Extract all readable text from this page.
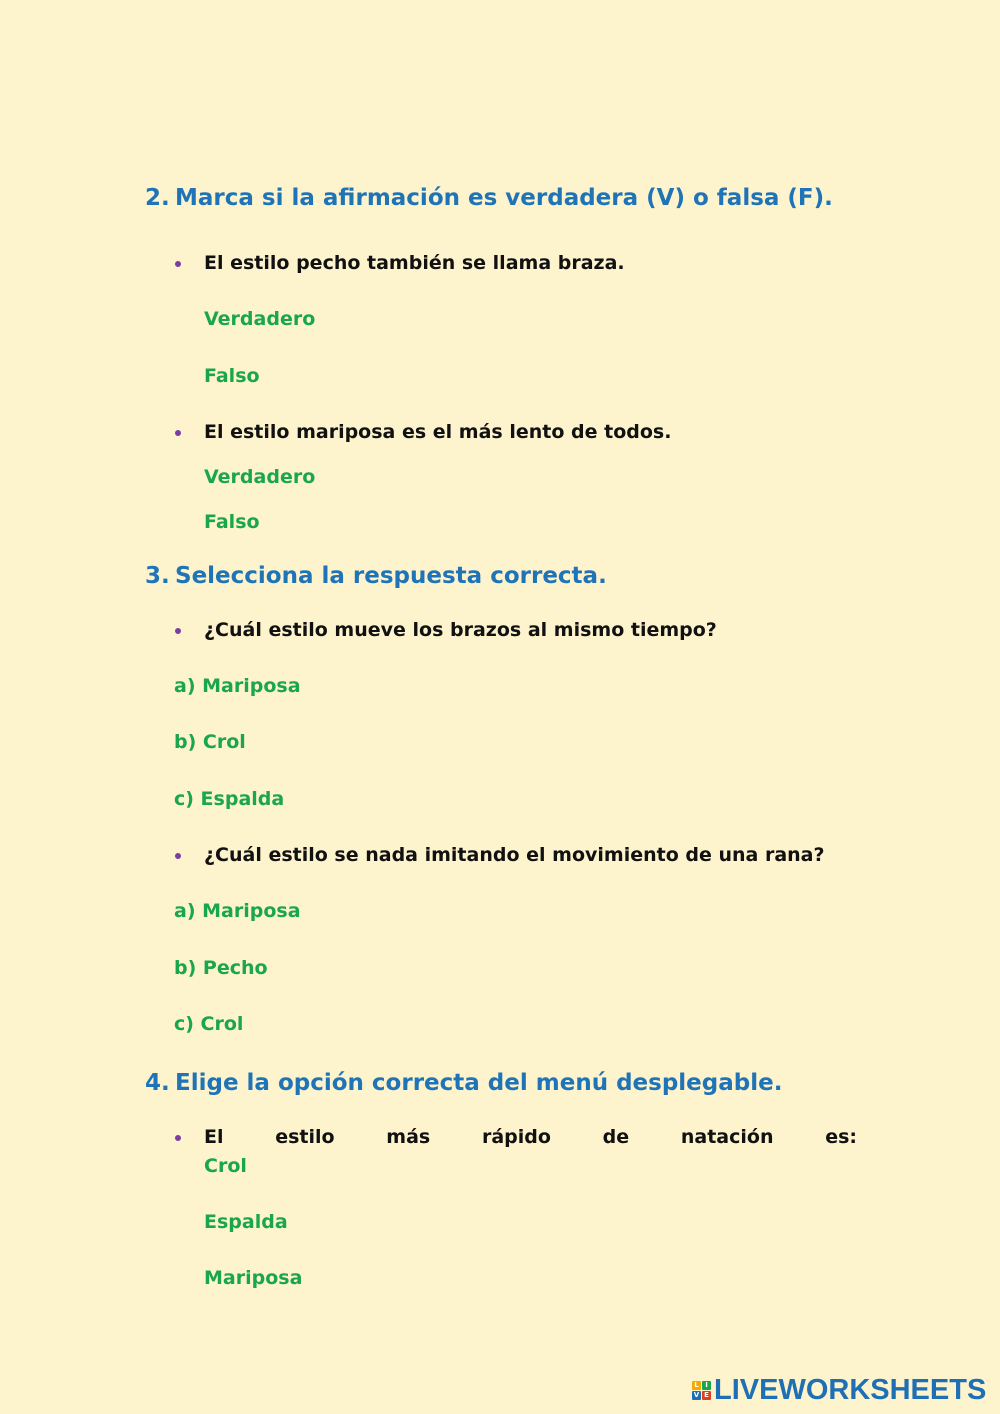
2. Marca si la afirmación es verdadera (V) o falsa (F).
El estilo pecho también se llama braza.
Verdadero
Falso
El estilo mariposa es el más lento de todos.
Verdadero
Falso
3. Selecciona la respuesta correcta.
¿Cuál estilo mueve los brazos al mismo tiempo?
a) Mariposa
b) Crol
c) Espalda
¿Cuál estilo se nada imitando el movimiento de una rana?
a) Mariposa
b) Pecho
c) Crol
4. Elige la opción correcta del menú desplegable.
El	estilo	más	rápido	de	natación	es:
Crol
Espalda
Mariposa
L I
V E LIVEWORKSHEETS
